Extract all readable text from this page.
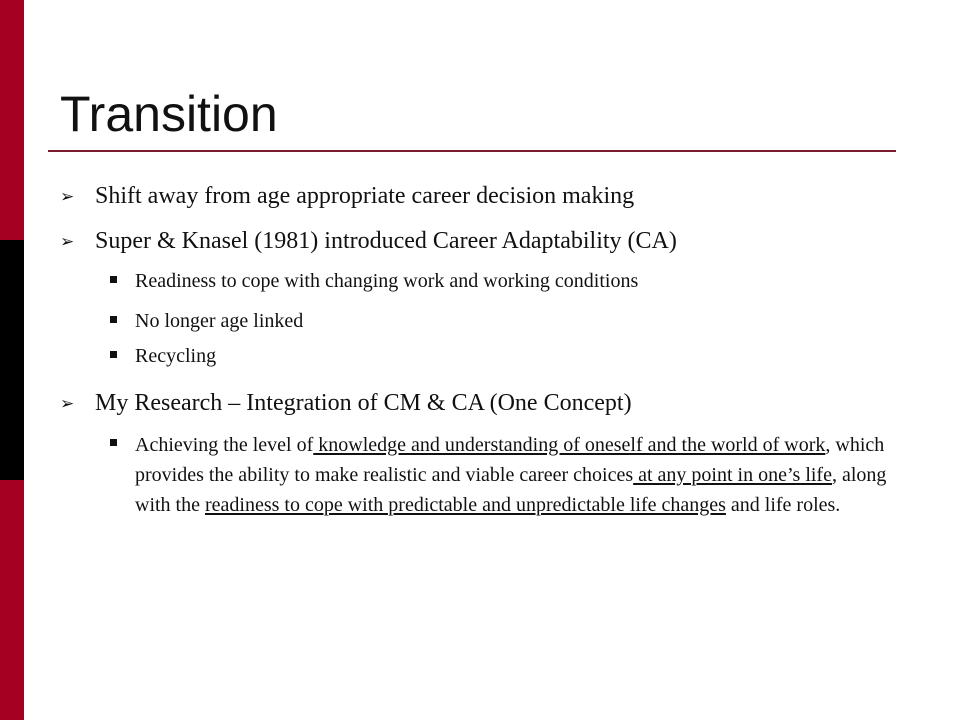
Transition
➢ Shift away from age appropriate career decision making
➢ Super & Knasel (1981) introduced Career Adaptability (CA)
Readiness to cope with changing work and working conditions
No longer age linked
Recycling
➢ My Research – Integration of CM & CA (One Concept)
Achieving the level of knowledge and understanding of oneself and the world of work, which provides the ability to make realistic and viable career choices at any point in one’s life, along with the readiness to cope with predictable and unpredictable life changes and life roles.
